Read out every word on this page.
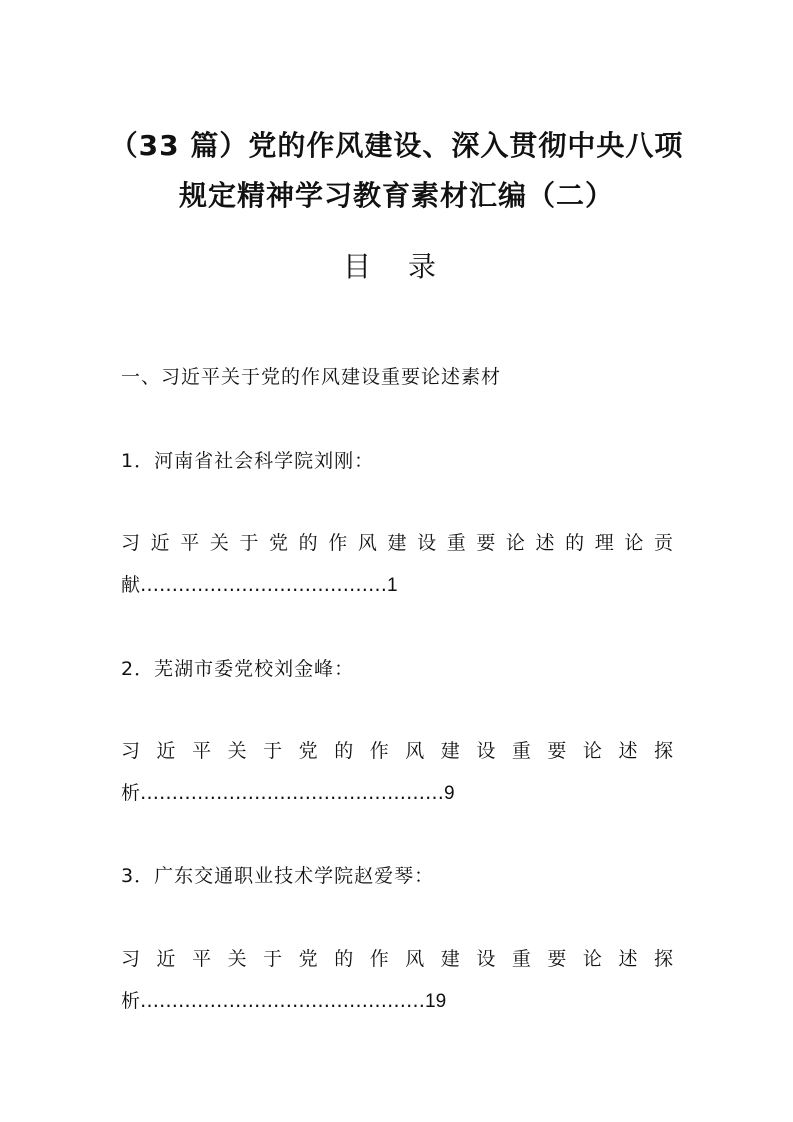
（33 篇）党的作风建设、深入贯彻中央八项
规定精神学习教育素材汇编（二）
目 录
一、习近平关于党的作风建设重要论述素材
1．河南省社会科学院刘刚：
习 近 平 关 于 党 的 作 风 建 设 重 要 论 述 的 理 论 贡
献…………………………………1
2．芜湖市委党校刘金峰：
习 近 平 关 于 党 的 作 风 建 设 重 要 论 述 探
析…………………………………………9
3．广东交通职业技术学院赵爱琴：
习 近 平 关 于 党 的 作 风 建 设 重 要 论 述 探
析………………………………………19
